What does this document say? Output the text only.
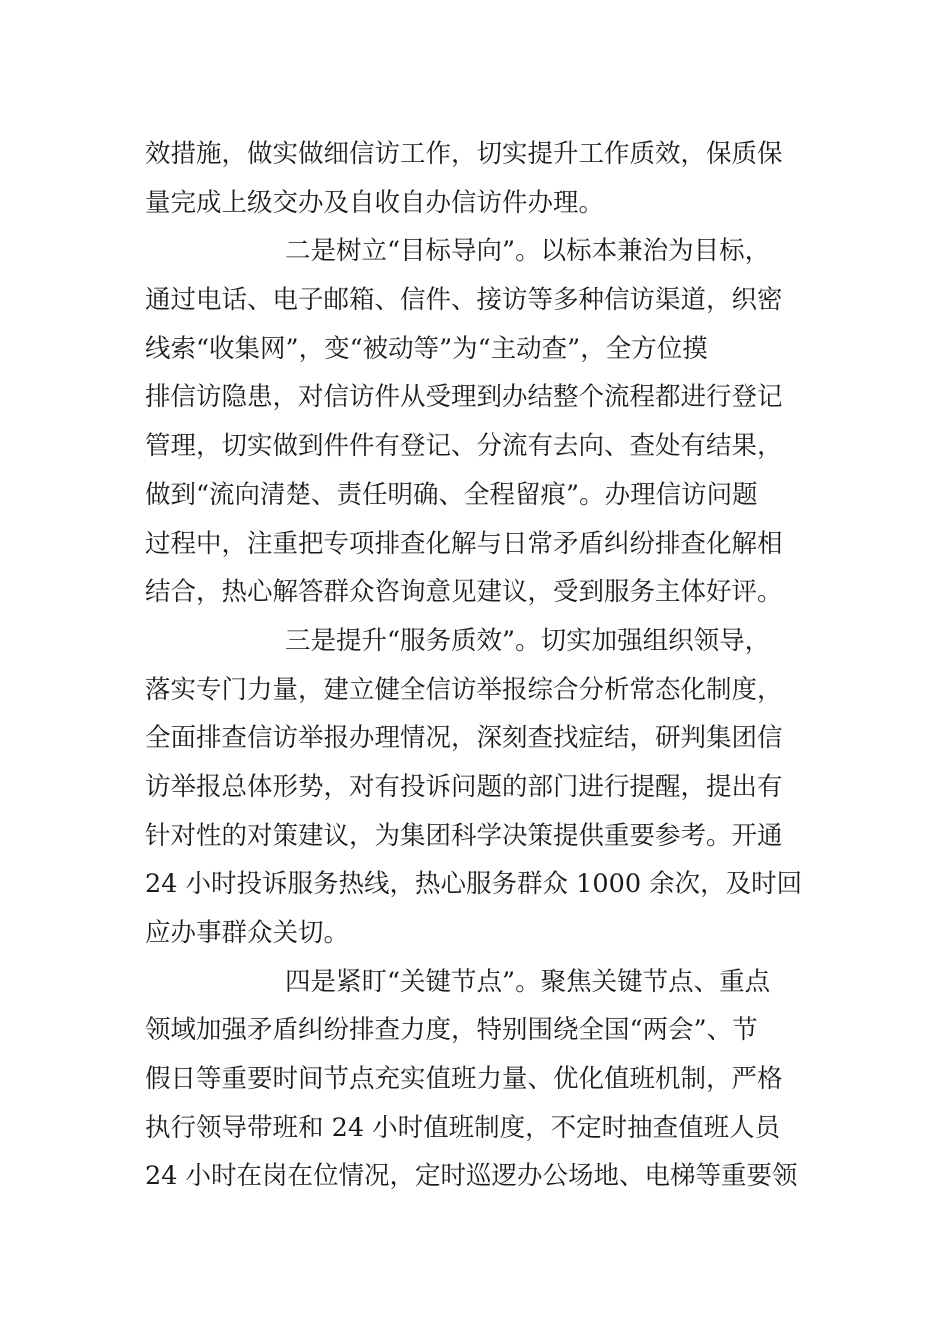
效措施，做实做细信访工作，切实提升工作质效，保质保
量完成上级交办及自收自办信访件办理。
二是树立“目标导向”。以标本兼治为目标，
通过电话、电子邮箱、信件、接访等多种信访渠道，织密
线索“收集网”，变“被动等”为“主动查”，全方位摸
排信访隐患，对信访件从受理到办结整个流程都进行登记
管理，切实做到件件有登记、分流有去向、查处有结果，
做到“流向清楚、责任明确、全程留痕”。办理信访问题
过程中，注重把专项排查化解与日常矛盾纠纷排查化解相
结合，热心解答群众咨询意见建议，受到服务主体好评。
三是提升“服务质效”。切实加强组织领导，
落实专门力量，建立健全信访举报综合分析常态化制度，
全面排查信访举报办理情况，深刻查找症结，研判集团信
访举报总体形势，对有投诉问题的部门进行提醒，提出有
针对性的对策建议，为集团科学决策提供重要参考。开通
24 小时投诉服务热线，热心服务群众 1000 余次，及时回
应办事群众关切。
四是紧盯“关键节点”。聚焦关键节点、重点
领域加强矛盾纠纷排查力度，特别围绕全国“两会”、节
假日等重要时间节点充实值班力量、优化值班机制，严格
执行领导带班和 24 小时值班制度，不定时抽查值班人员
24 小时在岗在位情况，定时巡逻办公场地、电梯等重要领
